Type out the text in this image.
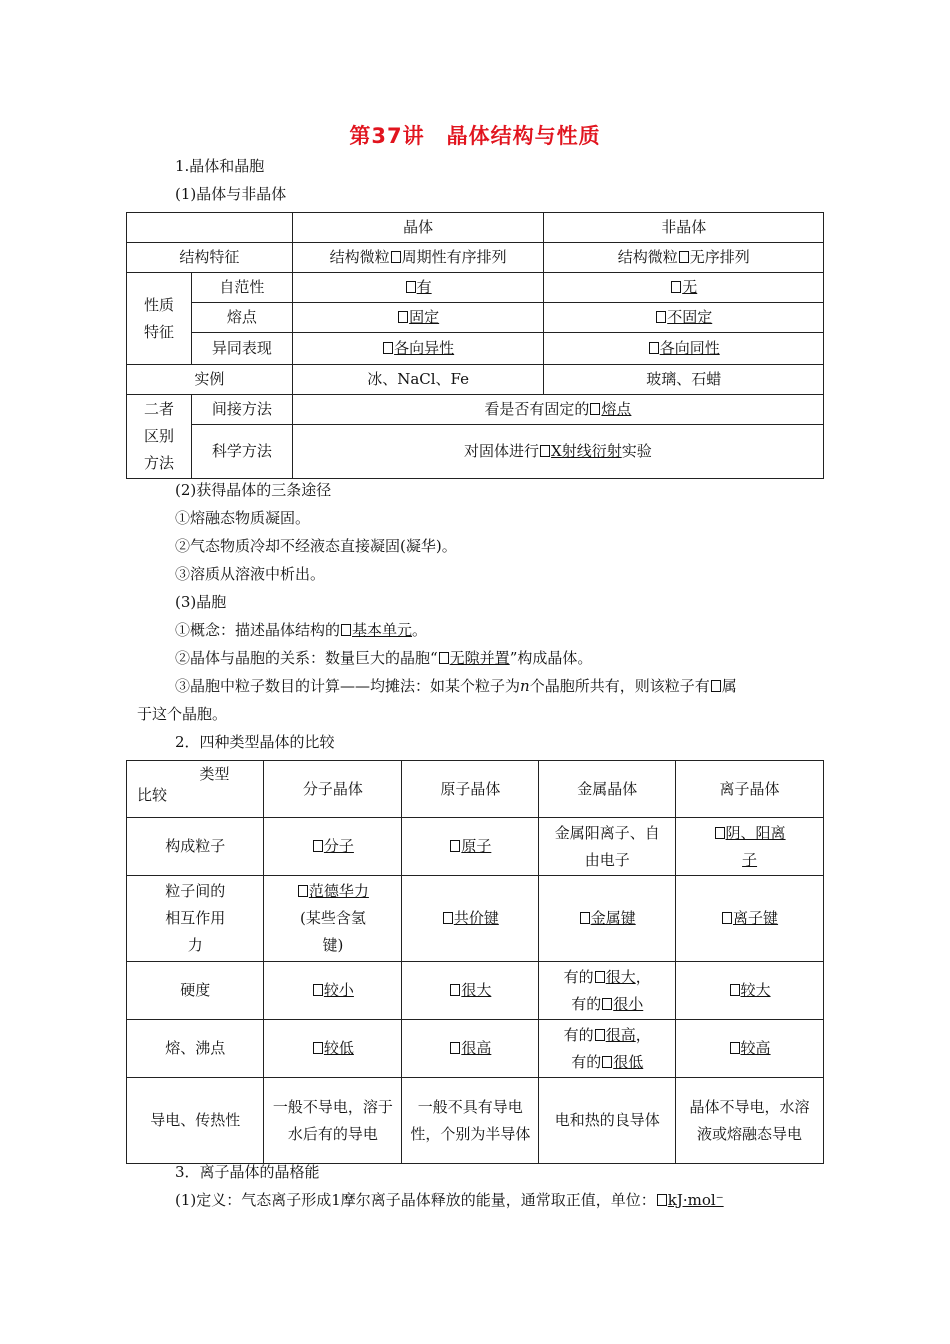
第37讲　晶体结构与性质
1.晶体和晶胞
(1)晶体与非晶体
		晶体	非晶体
结构特征		结构微粒 周期性有序排列	结构微粒 无序排列

性质特征	自范性	有	无
	熔点	固定	不固定
	异同表现	各向异性	各向同性
实例		冰、NaCl、Fe	玻璃、石蜡

二者区别方法	间接方法	看是否有固定的 熔点	
	科学方法	对固体进行 X射线衍射实验	
(2)获得晶体的三条途径
①熔融态物质凝固。
②气态物质冷却不经液态直接凝固(凝华)。
③溶质从溶液中析出。
(3)晶胞
①概念：描述晶体结构的 基本单元。
②晶体与晶胞的关系：数量巨大的晶胞“ 无隙并置”构成晶体。
③晶胞中粒子数目的计算——均摊法：如某个粒子为n个晶胞所共有，则该粒子有 属
于这个晶胞。
2．四种类型晶体的比较
类型
比较	分子晶体	原子晶体	金属晶体	离子晶体
构成粒子	分子	原子	金属阳离子、自由电子	阴、阳离子

粒子间的相互作用力	范德华力
(某些含氢键)	共价键	金属键	离子键
硬度	较小	很大	有的 很大，
有的 很小	较大
熔、沸点	较低	很高	有的 很高，
有的 很低	较高
导电、传热性	一般不导电，溶于水后有的导电	一般不具有导电性，个别为半导体	电和热的良导体	晶体不导电，水溶液或熔融态导电
3．离子晶体的晶格能
(1)定义：气态离子形成1摩尔离子晶体释放的能量，通常取正值，单位： kJ·mol⁻
